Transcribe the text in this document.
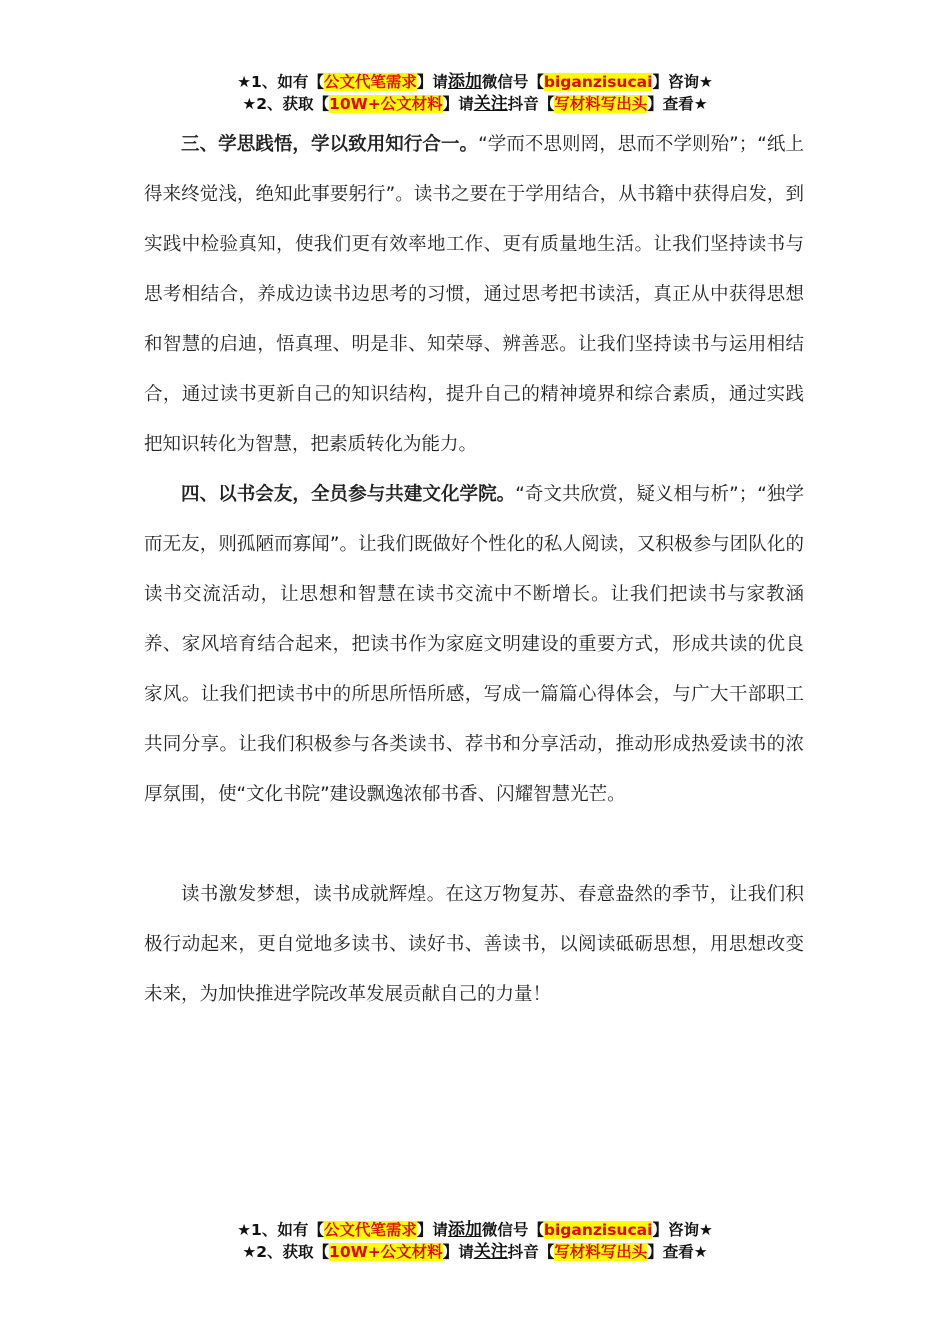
★1、如有【公文代笔需求】请添加微信号【biganzisucai】咨询★
★2、获取【10W+公文材料】请关注抖音【写材料写出头】查看★

三、学思践悟，学以致用知行合一。“学而不思则罔，思而不学则殆”；“纸上得来终觉浅，绝知此事要躬行”。读书之要在于学用结合，从书籍中获得启发，到实践中检验真知，使我们更有效率地工作、更有质量地生活。让我们坚持读书与思考相结合，养成边读书边思考的习惯，通过思考把书读活，真正从中获得思想和智慧的启迪，悟真理、明是非、知荣辱、辨善恶。让我们坚持读书与运用相结合，通过读书更新自己的知识结构，提升自己的精神境界和综合素质，通过实践把知识转化为智慧，把素质转化为能力。

四、以书会友，全员参与共建文化学院。“奇文共欣赏，疑义相与析”；“独学而无友，则孤陋而寡闻”。让我们既做好个性化的私人阅读，又积极参与团队化的读书交流活动，让思想和智慧在读书交流中不断增长。让我们把读书与家教涵养、家风培育结合起来，把读书作为家庭文明建设的重要方式，形成共读的优良家风。让我们把读书中的所思所悟所感，写成一篇篇心得体会，与广大干部职工共同分享。让我们积极参与各类读书、荐书和分享活动，推动形成热爱读书的浓厚氛围，使“文化书院”建设飘逸浓郁书香、闪耀智慧光芒。

读书激发梦想，读书成就辉煌。在这万物复苏、春意盎然的季节，让我们积极行动起来，更自觉地多读书、读好书、善读书，以阅读砥砺思想，用思想改变未来，为加快推进学院改革发展贡献自己的力量！

★1、如有【公文代笔需求】请添加微信号【biganzisucai】咨询★
★2、获取【10W+公文材料】请关注抖音【写材料写出头】查看★
